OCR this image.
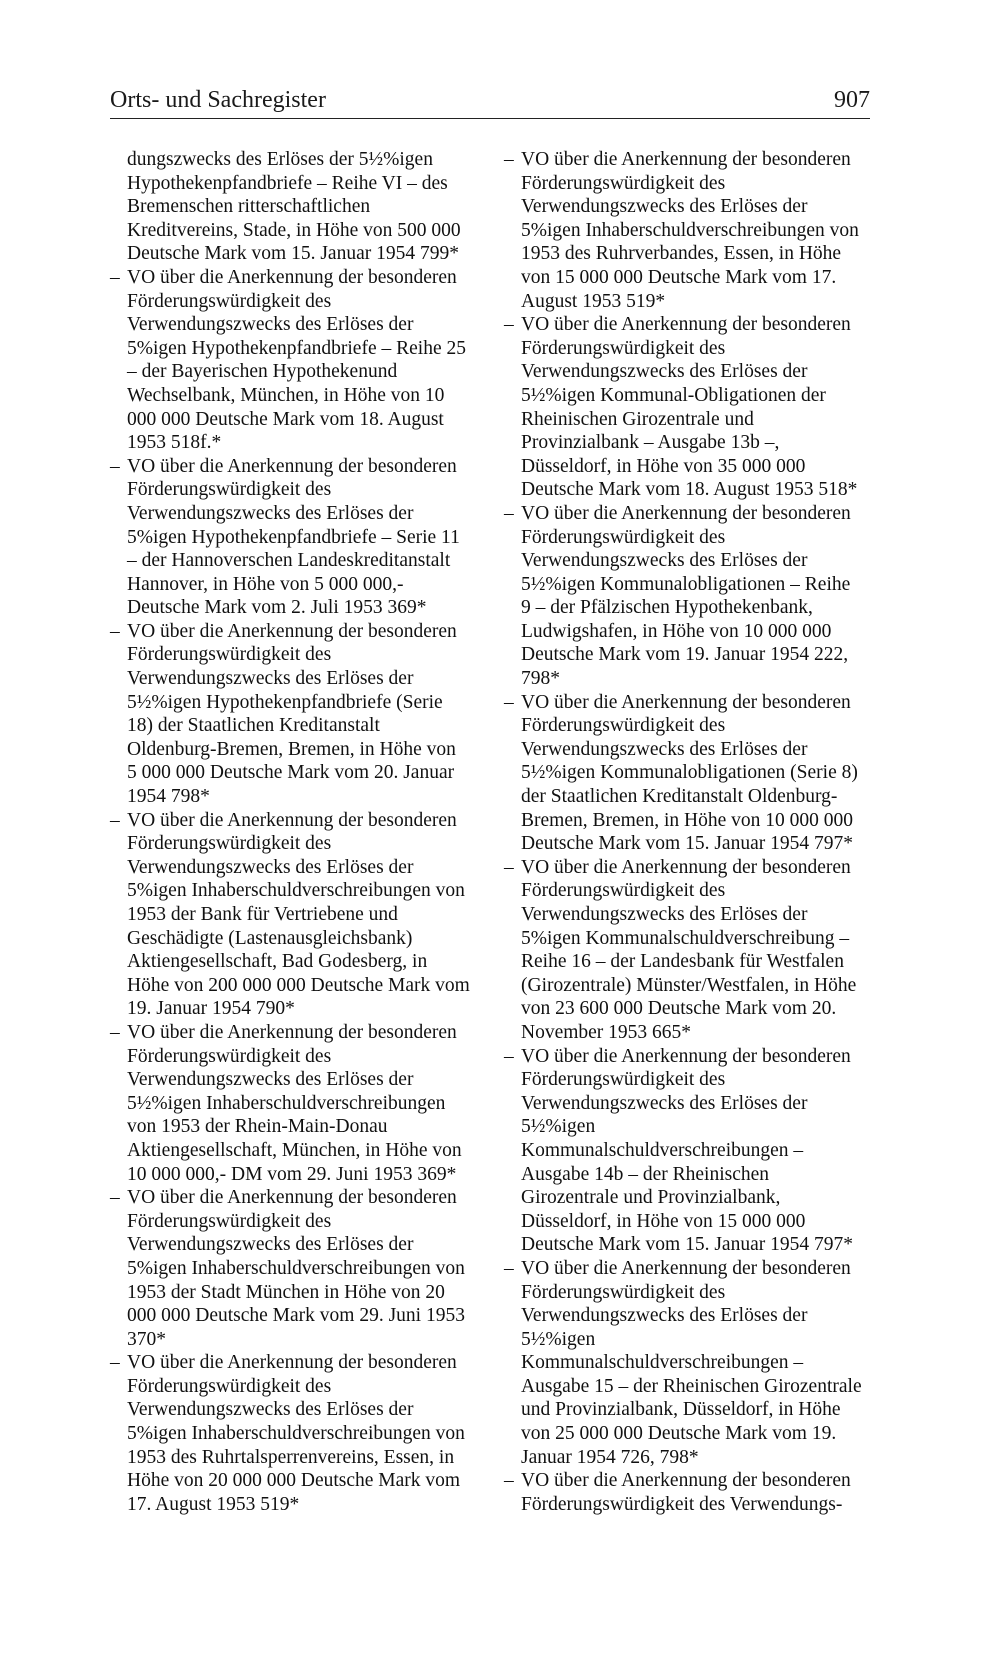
Orts- und Sachregister	907

dungszwecks des Erlöses der 5½%igen Hypothekenpfandbriefe – Reihe VI – des Bremenschen ritterschaftlichen Kreditvereins, Stade, in Höhe von 500 000 Deutsche Mark vom 15. Januar 1954 799*

– VO über die Anerkennung der besonderen Förderungswürdigkeit des Verwendungszwecks des Erlöses der 5%igen Hypothekenpfandbriefe – Reihe 25 – der Bayerischen Hypothekenund Wechselbank, München, in Höhe von 10 000 000 Deutsche Mark vom 18. August 1953 518f.*

– VO über die Anerkennung der besonderen Förderungswürdigkeit des Verwendungszwecks des Erlöses der 5%igen Hypothekenpfandbriefe – Serie 11 – der Hannoverschen Landeskreditanstalt Hannover, in Höhe von 5 000 000,- Deutsche Mark vom 2. Juli 1953 369*

– VO über die Anerkennung der besonderen Förderungswürdigkeit des Verwendungszwecks des Erlöses der 5½%igen Hypothekenpfandbriefe (Serie 18) der Staatlichen Kreditanstalt Oldenburg-Bremen, Bremen, in Höhe von 5 000 000 Deutsche Mark vom 20. Januar 1954 798*

– VO über die Anerkennung der besonderen Förderungswürdigkeit des Verwendungszwecks des Erlöses der 5%igen Inhaberschuldverschreibungen von 1953 der Bank für Vertriebene und Geschädigte (Lastenausgleichsbank) Aktiengesellschaft, Bad Godesberg, in Höhe von 200 000 000 Deutsche Mark vom 19. Januar 1954 790*

– VO über die Anerkennung der besonderen Förderungswürdigkeit des Verwendungszwecks des Erlöses der 5½%igen Inhaberschuldverschreibungen von 1953 der Rhein-Main-Donau Aktiengesellschaft, München, in Höhe von 10 000 000,- DM vom 29. Juni 1953 369*

– VO über die Anerkennung der besonderen Förderungswürdigkeit des Verwendungszwecks des Erlöses der 5%igen Inhaberschuldverschreibungen von 1953 der Stadt München in Höhe von 20 000 000 Deutsche Mark vom 29. Juni 1953 370*

– VO über die Anerkennung der besonderen Förderungswürdigkeit des Verwendungszwecks des Erlöses der 5%igen Inhaberschuldverschreibungen von 1953 des Ruhrtalsperrenvereins, Essen, in Höhe von 20 000 000 Deutsche Mark vom 17. August 1953 519*

– VO über die Anerkennung der besonderen Förderungswürdigkeit des Verwendungszwecks des Erlöses der 5%igen Inhaberschuldverschreibungen von 1953 des Ruhrverbandes, Essen, in Höhe von 15 000 000 Deutsche Mark vom 17. August 1953 519*

– VO über die Anerkennung der besonderen Förderungswürdigkeit des Verwendungszwecks des Erlöses der 5½%igen Kommunal-Obligationen der Rheinischen Girozentrale und Provinzialbank – Ausgabe 13b –, Düsseldorf, in Höhe von 35 000 000 Deutsche Mark vom 18. August 1953 518*

– VO über die Anerkennung der besonderen Förderungswürdigkeit des Verwendungszwecks des Erlöses der 5½%igen Kommunalobligationen – Reihe 9 – der Pfälzischen Hypothekenbank, Ludwigshafen, in Höhe von 10 000 000 Deutsche Mark vom 19. Januar 1954 222, 798*

– VO über die Anerkennung der besonderen Förderungswürdigkeit des Verwendungszwecks des Erlöses der 5½%igen Kommunalobligationen (Serie 8) der Staatlichen Kreditanstalt Oldenburg-Bremen, Bremen, in Höhe von 10 000 000 Deutsche Mark vom 15. Januar 1954 797*

– VO über die Anerkennung der besonderen Förderungswürdigkeit des Verwendungszwecks des Erlöses der 5%igen Kommunalschuldverschreibung – Reihe 16 – der Landesbank für Westfalen (Girozentrale) Münster/Westfalen, in Höhe von 23 600 000 Deutsche Mark vom 20. November 1953 665*

– VO über die Anerkennung der besonderen Förderungswürdigkeit des Verwendungszwecks des Erlöses der 5½%igen Kommunalschuldverschreibungen – Ausgabe 14b – der Rheinischen Girozentrale und Provinzialbank, Düsseldorf, in Höhe von 15 000 000 Deutsche Mark vom 15. Januar 1954 797*

– VO über die Anerkennung der besonderen Förderungswürdigkeit des Verwendungszwecks des Erlöses der 5½%igen Kommunalschuldverschreibungen – Ausgabe 15 – der Rheinischen Girozentrale und Provinzialbank, Düsseldorf, in Höhe von 25 000 000 Deutsche Mark vom 19. Januar 1954 726, 798*

– VO über die Anerkennung der besonderen Förderungswürdigkeit des Verwendungs-
